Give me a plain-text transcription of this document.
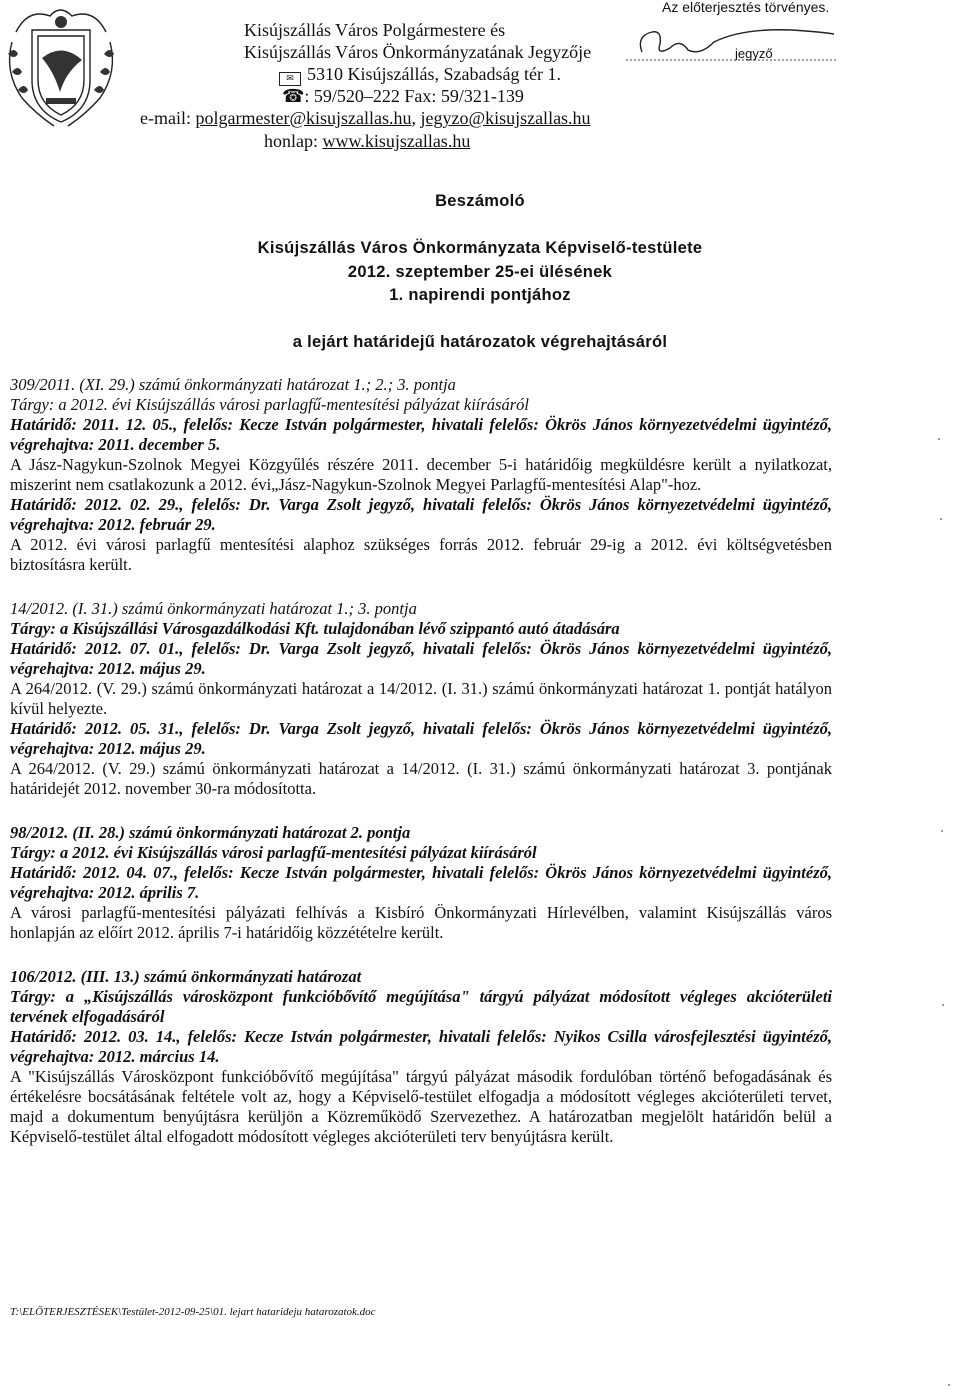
Kisújszállás Város Polgármestere és
Kisújszállás Város Önkormányzatának Jegyzője
✉ 5310 Kisújszállás, Szabadság tér 1.
☎: 59/520–222 Fax: 59/321-139
e-mail: polgarmester@kisujszallas.hu, jegyzo@kisujszallas.hu
honlap: www.kisujszallas.hu
Az előterjesztés törvényes.
jegyző
Beszámoló
Kisújszállás Város Önkormányzata Képviselő-testülete
2012. szeptember 25-ei ülésének
1. napirendi pontjához
a lejárt határidejű határozatok végrehajtásáról

309/2011. (XI. 29.) számú önkormányzati határozat 1.; 2.; 3. pontja

Tárgy: a 2012. évi Kisújszállás városi parlagfű-mentesítési pályázat kiírásáról

Határidő: 2011. 12. 05., felelős: Kecze István polgármester, hivatali felelős: Ökrös János környezetvédelmi ügyintéző, végrehajtva: 2011. december 5.

A Jász-Nagykun-Szolnok Megyei Közgyűlés részére 2011. december 5-i határidőig megküldésre került a nyilatkozat, miszerint nem csatlakozunk a 2012. évi„Jász-Nagykun-Szolnok Megyei Parlagfű-mentesítési Alap"-hoz.

Határidő: 2012. 02. 29., felelős: Dr. Varga Zsolt jegyző, hivatali felelős: Ökrös János környezetvédelmi ügyintéző, végrehajtva: 2012. február 29.

A 2012. évi városi parlagfű mentesítési alaphoz szükséges forrás 2012. február 29-ig a 2012. évi költségvetésben biztosításra került.

14/2012. (I. 31.) számú önkormányzati határozat 1.; 3. pontja

Tárgy: a Kisújszállási Városgazdálkodási Kft. tulajdonában lévő szippantó autó átadására

Határidő: 2012. 07. 01., felelős: Dr. Varga Zsolt jegyző, hivatali felelős: Ökrös János környezetvédelmi ügyintéző, végrehajtva: 2012. május 29.

A 264/2012. (V. 29.) számú önkormányzati határozat a 14/2012. (I. 31.) számú önkormányzati határozat 1. pontját hatályon kívül helyezte.

Határidő: 2012. 05. 31., felelős: Dr. Varga Zsolt jegyző, hivatali felelős: Ökrös János környezetvédelmi ügyintéző, végrehajtva: 2012. május 29.

A 264/2012. (V. 29.) számú önkormányzati határozat a 14/2012. (I. 31.) számú önkormányzati határozat 3. pontjának határidejét 2012. november 30-ra módosította.

98/2012. (II. 28.) számú önkormányzati határozat 2. pontja

Tárgy: a 2012. évi Kisújszállás városi parlagfű-mentesítési pályázat kiírásáról

Határidő: 2012. 04. 07., felelős: Kecze István polgármester, hivatali felelős: Ökrös János környezetvédelmi ügyintéző, végrehajtva: 2012. április 7.

A városi parlagfű-mentesítési pályázati felhívás a Kisbíró Önkormányzati Hírlevélben, valamint Kisújszállás város honlapján az előírt 2012. április 7-i határidőig közzétételre került.

106/2012. (III. 13.) számú önkormányzati határozat

Tárgy: a „Kisújszállás városközpont funkcióbővítő megújítása" tárgyú pályázat módosított végleges akcióterületi tervének elfogadásáról

Határidő: 2012. 03. 14., felelős: Kecze István polgármester, hivatali felelős: Nyikos Csilla városfejlesztési ügyintéző, végrehajtva: 2012. március 14.

A "Kisújszállás Városközpont funkcióbővítő megújítása" tárgyú pályázat második fordulóban történő befogadásának és értékelésre bocsátásának feltétele volt az, hogy a Képviselő-testület elfogadja a módosított végleges akcióterületi tervet, majd a dokumentum benyújtásra kerüljön a Közreműködő Szervezethez. A határozatban megjelölt határidőn belül a Képviselő-testület által elfogadott módosított végleges akcióterületi terv benyújtásra került.

T:\ELŐTERJESZTÉSEK\Testület-2012-09-25\01. lejart hatarideju hatarozatok.doc
